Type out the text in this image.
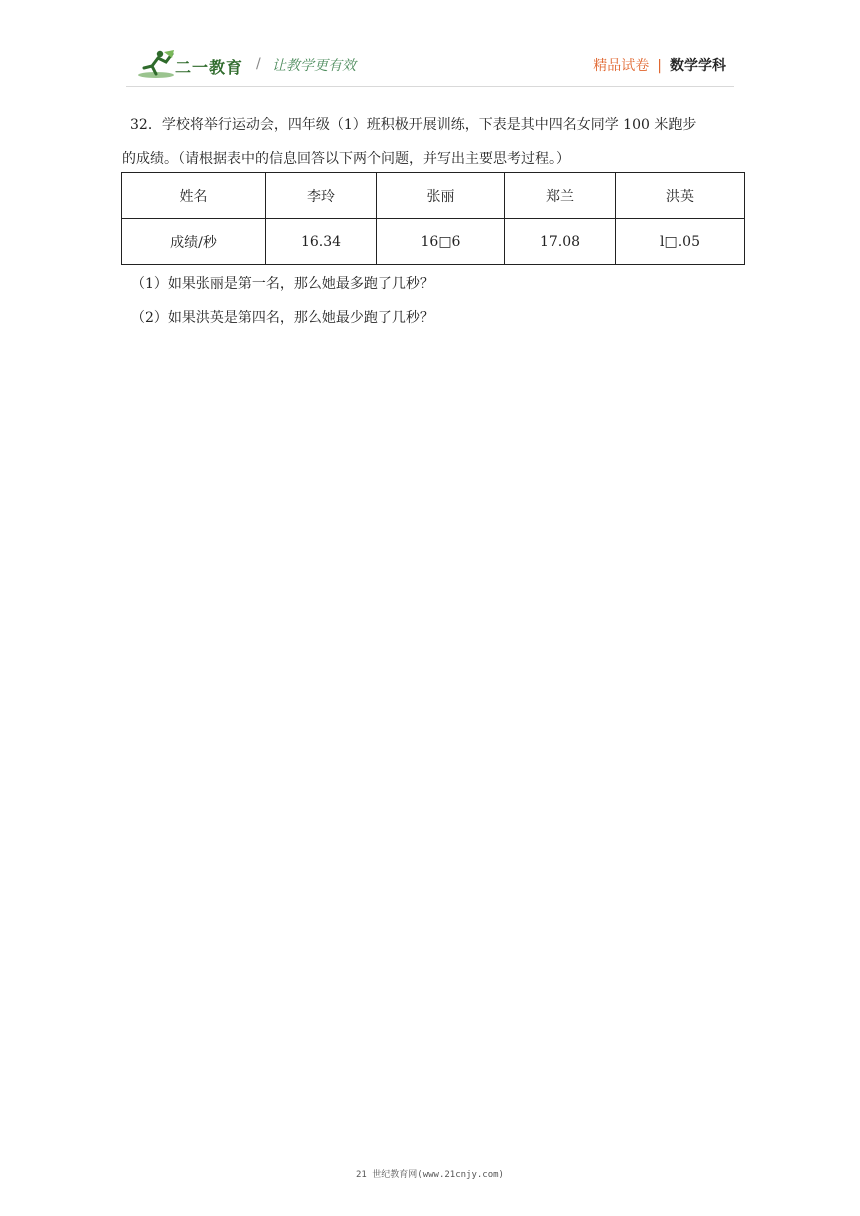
二一教育 / 让教学更有效	精品试卷 | 数学学科

32．学校将举行运动会，四年级（1）班积极开展训练，下表是其中四名女同学 100 米跑步

的成绩。（请根据表中的信息回答以下两个问题，并写出主要思考过程。）

姓名	李玲	张丽	郑兰	洪英
成绩/秒	16.34	16□6	17.08	l□.05
（1）如果张丽是第一名，那么她最多跑了几秒？
（2）如果洪英是第四名，那么她最少跑了几秒？
21 世纪教育网(www.21cnjy.com)
